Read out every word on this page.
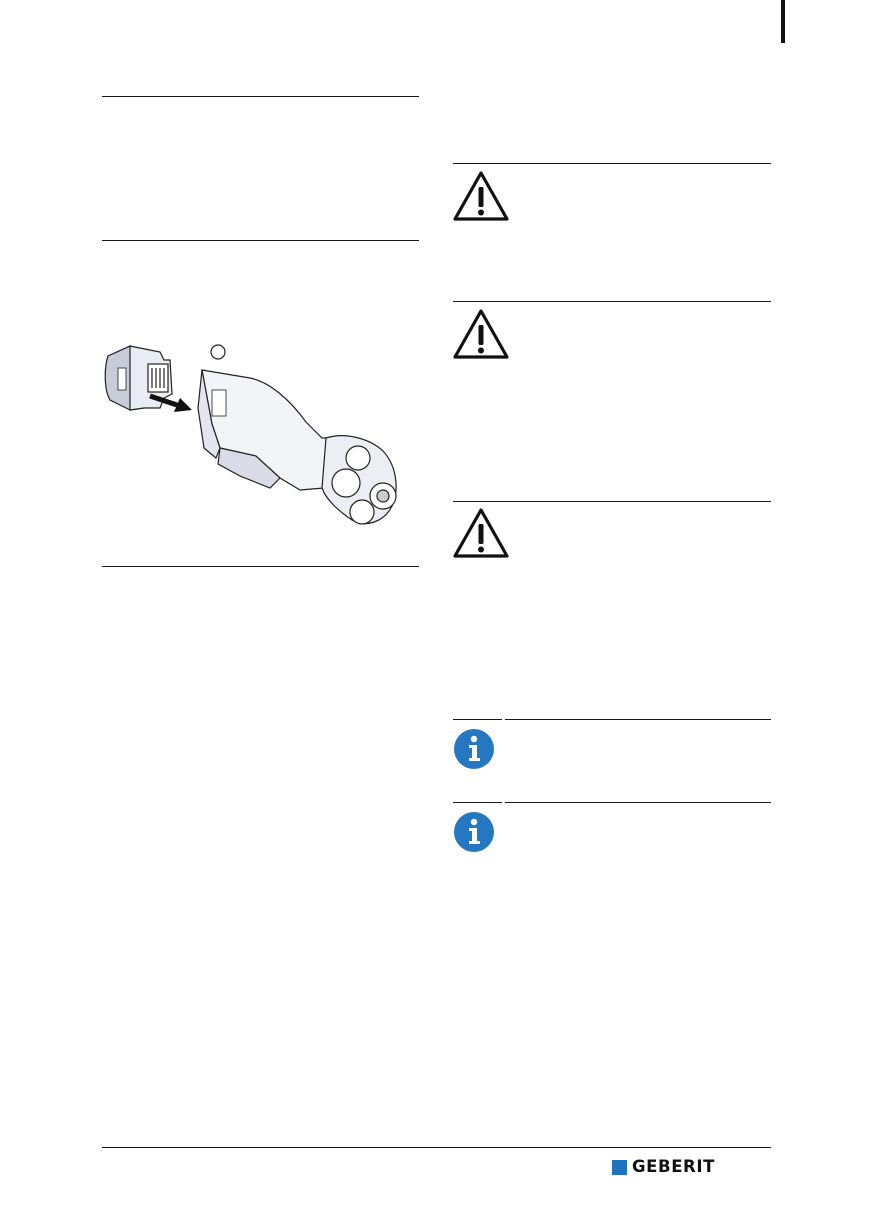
GEBERIT
